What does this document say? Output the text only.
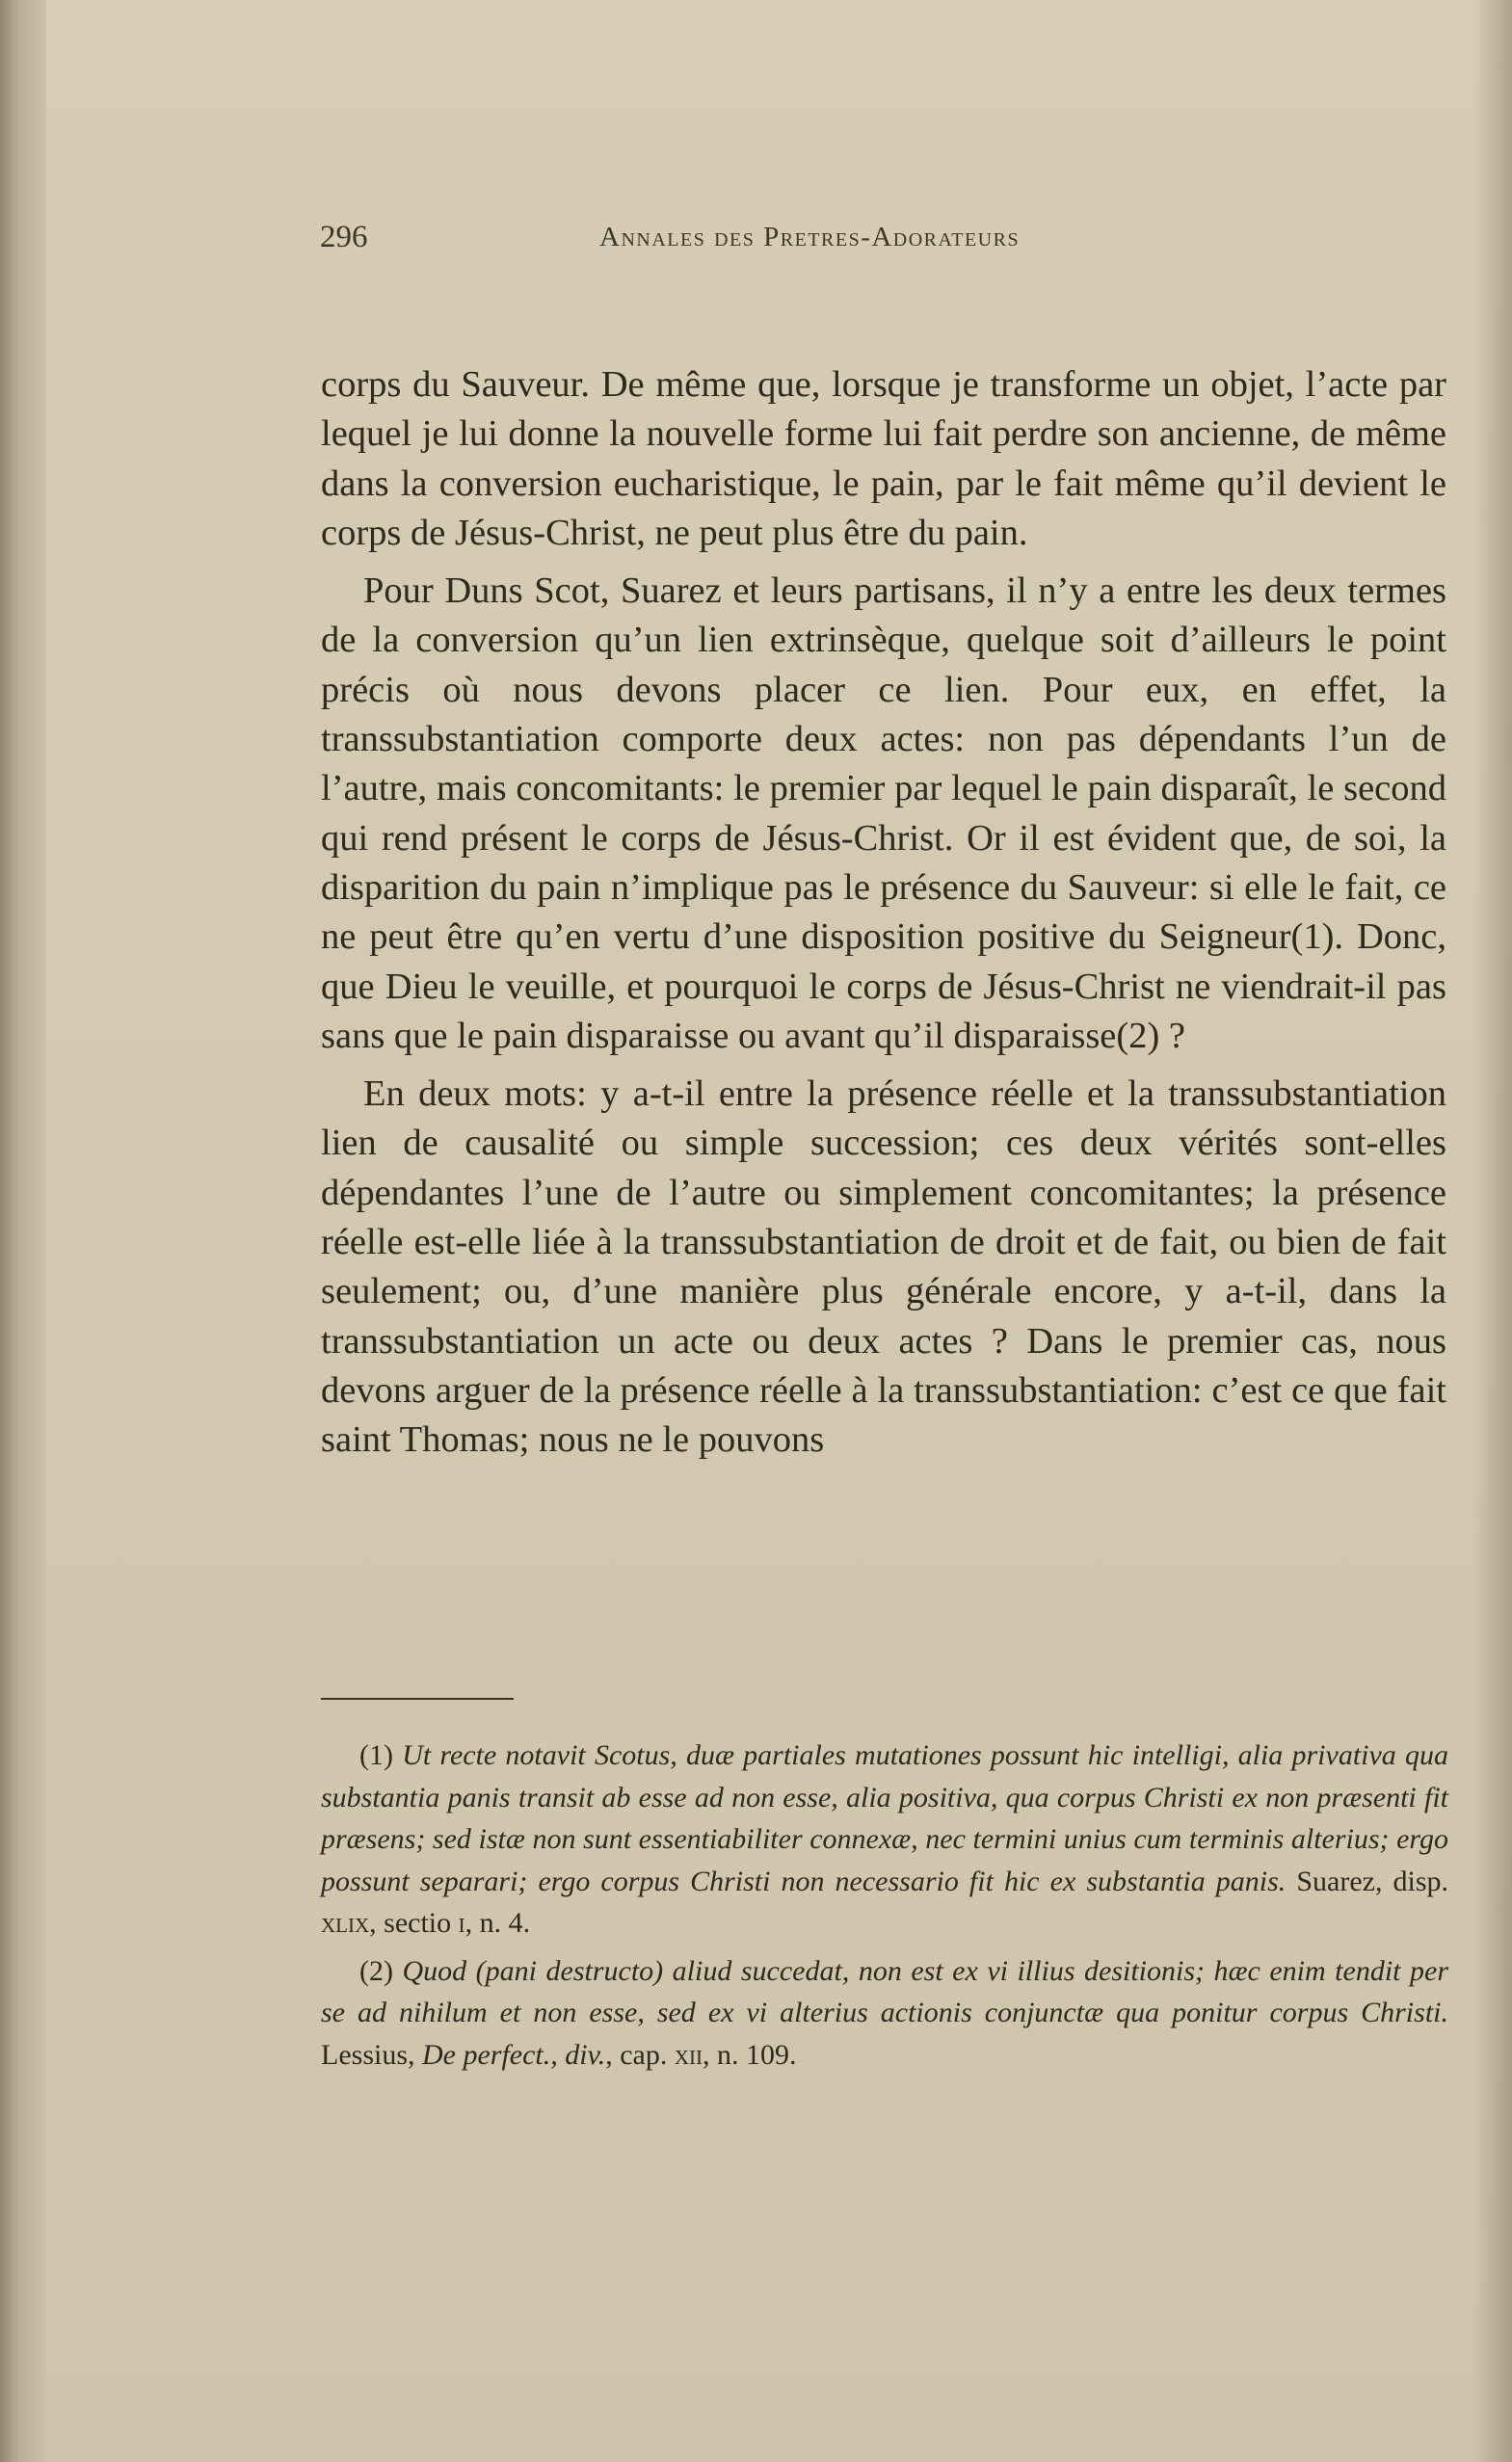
296	Annales des Pretres-Adorateurs

corps du Sauveur. De même que, lorsque je transforme un objet, l’acte par lequel je lui donne la nouvelle forme lui fait perdre son ancienne, de même dans la conversion eucharistique, le pain, par le fait même qu’il devient le corps de Jésus-Christ, ne peut plus être du pain.

Pour Duns Scot, Suarez et leurs partisans, il n’y a entre les deux termes de la conversion qu’un lien extrinsèque, quelque soit d’ailleurs le point précis où nous devons placer ce lien. Pour eux, en effet, la transsubstantiation comporte deux actes: non pas dépendants l’un de l’autre, mais concomitants: le premier par lequel le pain disparaît, le second qui rend présent le corps de Jésus-Christ. Or il est évident que, de soi, la disparition du pain n’implique pas le présence du Sauveur: si elle le fait, ce ne peut être qu’en vertu d’une disposition positive du Seigneur(1). Donc, que Dieu le veuille, et pourquoi le corps de Jésus-Christ ne viendrait-il pas sans que le pain disparaisse ou avant qu’il disparaisse(2) ?

En deux mots: y a-t-il entre la présence réelle et la transsubstantiation lien de causalité ou simple succession; ces deux vérités sont-elles dépendantes l’une de l’autre ou simplement concomitantes; la présence réelle est-elle liée à la transsubstantiation de droit et de fait, ou bien de fait seulement; ou, d’une manière plus générale encore, y a-t-il, dans la transsubstantiation un acte ou deux actes ? Dans le premier cas, nous devons arguer de la présence réelle à la transsubstantiation: c’est ce que fait saint Thomas; nous ne le pouvons

(1) Ut recte notavit Scotus, duæ partiales mutationes possunt hic intelligi, alia privativa qua substantia panis transit ab esse ad non esse, alia positiva, qua corpus Christi ex non præsenti fit præsens; sed istæ non sunt essentiabiliter connexæ, nec termini unius cum terminis alterius; ergo possunt separari; ergo corpus Christi non necessario fit hic ex substantia panis. Suarez, disp. xlix, sectio i, n. 4.

(2) Quod (pani destructo) aliud succedat, non est ex vi illius desitionis; hæc enim tendit per se ad nihilum et non esse, sed ex vi alterius actionis conjunctæ qua ponitur corpus Christi. Lessius, De perfect., div., cap. xii, n. 109.
